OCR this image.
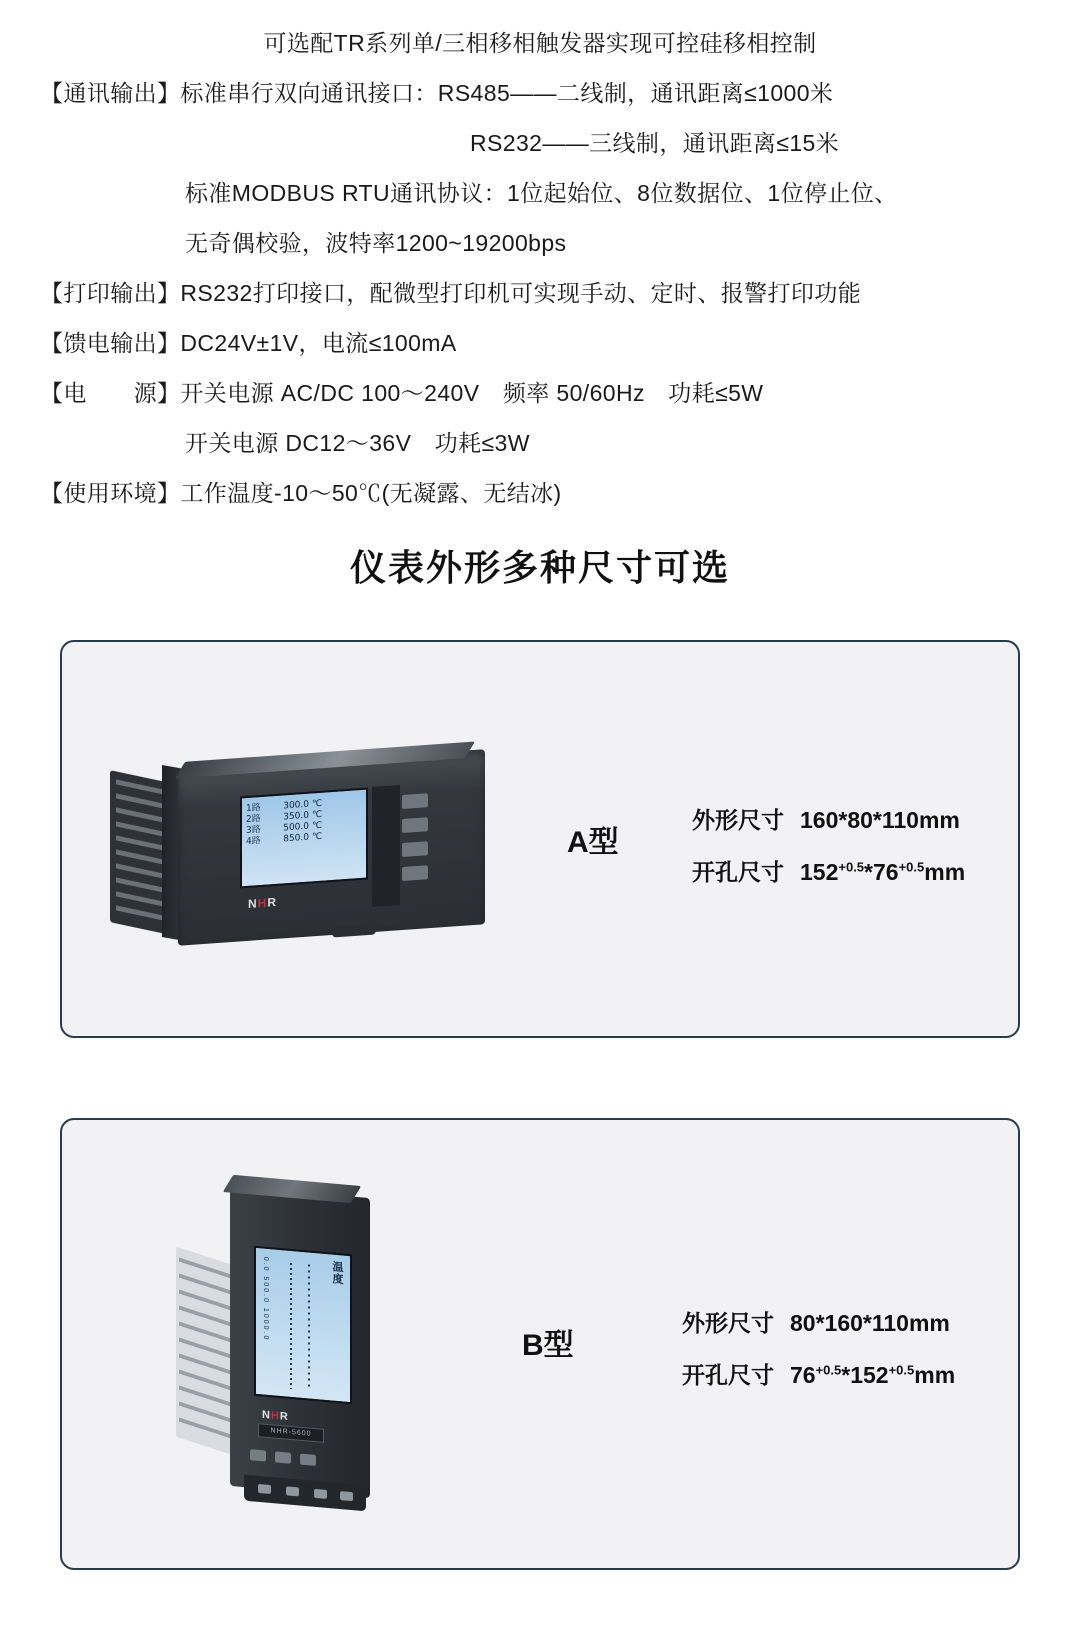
可选配TR系列单/三相移相触发器实现可控硅移相控制
【通讯输出】标准串行双向通讯接口：RS485——二线制，通讯距离≤1000米
RS232——三线制，通讯距离≤15米
标准MODBUS RTU通讯协议：1位起始位、8位数据位、1位停止位、
无奇偶校验，波特率1200~19200bps
【打印输出】RS232打印接口，配微型打印机可实现手动、定时、报警打印功能
【馈电输出】DC24V±1V，电流≤100mA
【电　　源】开关电源 AC/DC 100～240V　频率 50/60Hz　功耗≤5W
开关电源 DC12～36V　功耗≤3W
【使用环境】工作温度-10～50℃(无凝露、无结冰)
仪表外形多种尺寸可选
1路	300.0 ℃
2路	350.0 ℃
3路	500.0 ℃
4路	850.0 ℃
NHR
A型
外形尺寸 160*80*110mm
开孔尺寸 $152^{+0.5}*76^{+0.5}mm$
温度
0.0 500.0 1000.0
NHR
NHR-5600
B型
外形尺寸 80*160*110mm
开孔尺寸 $76^{+0.5}*152^{+0.5}mm$
